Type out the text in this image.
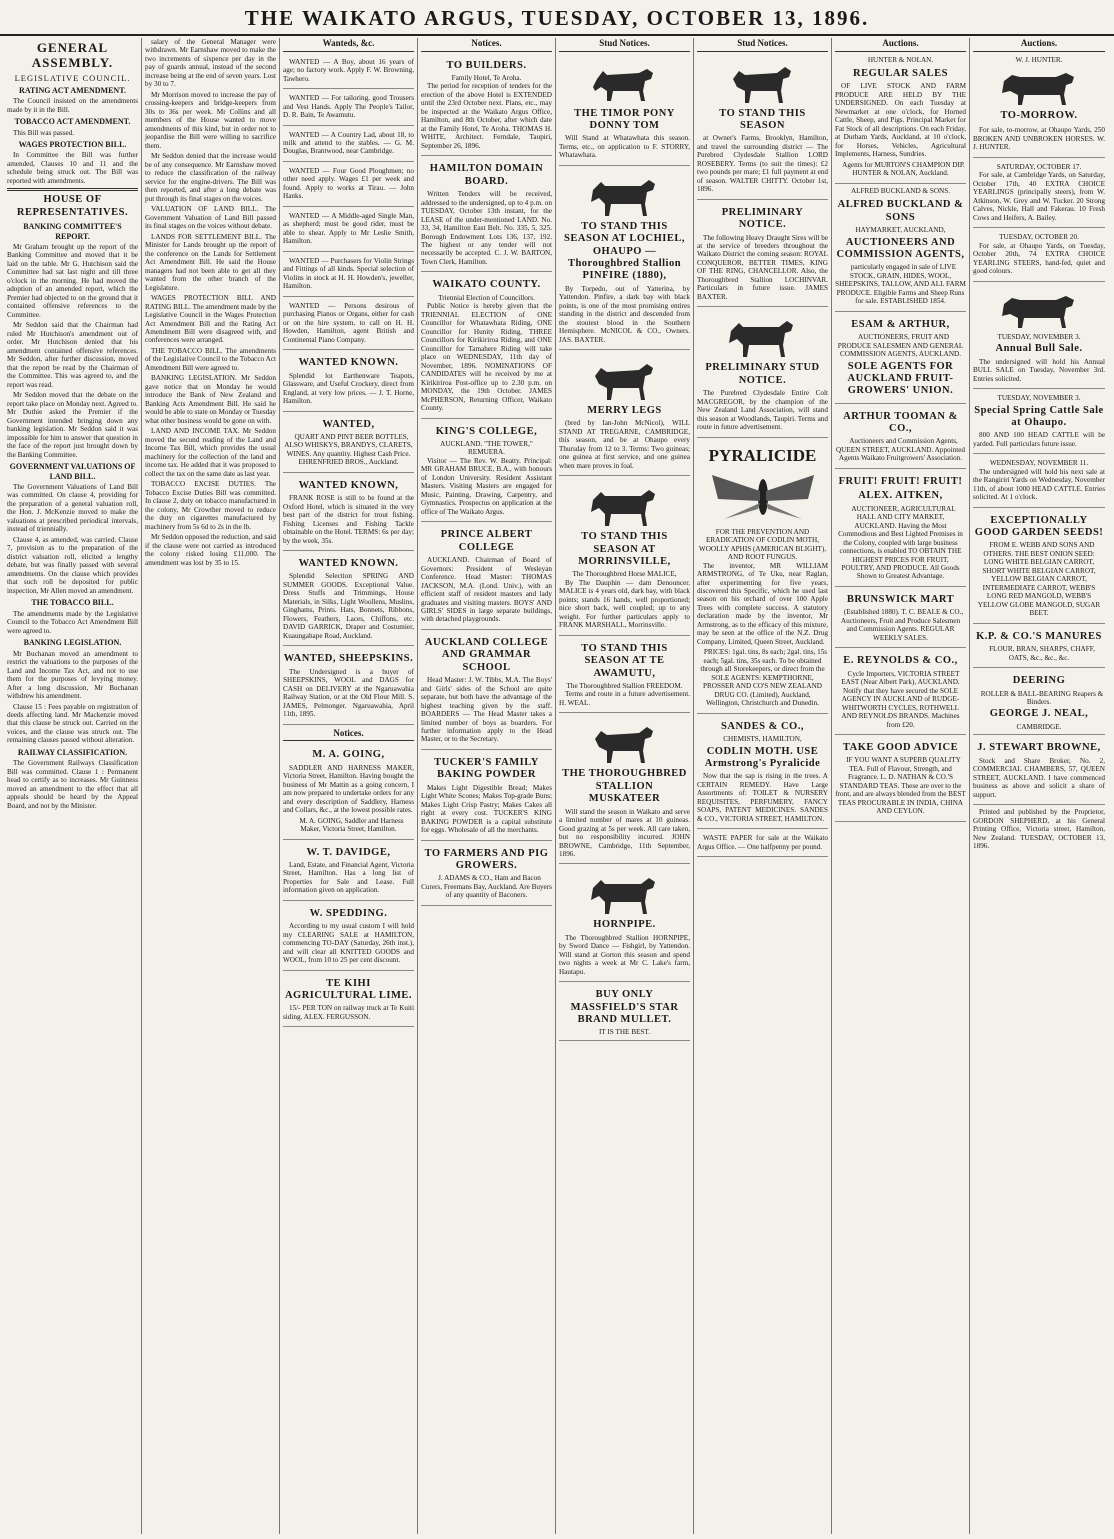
THE WAIKATO ARGUS, TUESDAY, OCTOBER 13, 1896.
GENERAL ASSEMBLY.
LEGISLATIVE COUNCIL.
RATING ACT AMENDMENT.

The Council insisted on the amendments made by it in the Bill.

TOBACCO ACT AMENDMENT.

This Bill was passed.

WAGES PROTECTION BILL.

In Committee the Bill was further amended, Clauses 10 and 11 and the schedule being struck out. The Bill was reported with amendments.

HOUSE OF REPRESENTATIVES.
BANKING COMMITTEE'S REPORT.

Mr Graham brought up the report of the Banking Committee and moved that it be laid on the table. Mr G. Hutchison said the Committee had sat last night and till three o'clock in the morning. He had moved the adoption of an amended report, which the Premier had objected to on the ground that it contained offensive references to the Committee.

Mr Seddon said that the Chairman had ruled Mr Hutchison's amendment out of order. Mr Hutchison denied that his amendment contained offensive references. Mr Seddon, after further discussion, moved that the report be read by the Chairman of the Committee. This was agreed to, and the report was read.

Mr Seddon moved that the debate on the report take place on Monday next. Agreed to. Mr Duthie asked the Premier if the Government intended bringing down any banking legislation. Mr Seddon said it was impossible for him to answer that question in the face of the report just brought down by the Banking Committee.

GOVERNMENT VALUATIONS OF LAND BILL.

The Government Valuations of Land Bill was committed. On clause 4, providing for the preparation of a general valuation roll, the Hon. J. McKenzie moved to make the valuations at prescribed periodical intervals, instead of triennially.

Clause 4, as amended, was carried. Clause 7, provision as to the preparation of the district valuation roll, elicited a lengthy debate, but was finally passed with several amendments. On the clause which provides that such roll be deposited for public inspection, Mr Allen moved an amendment.

THE TOBACCO BILL.

The amendments made by the Legislative Council to the Tobacco Act Amendment Bill were agreed to.

BANKING LEGISLATION.

Mr Buchanan moved an amendment to restrict the valuations to the purposes of the Land and Income Tax Act, and not to use them for the purposes of levying money. After a long discussion, Mr Buchanan withdrew his amendment.

Clause 15 : Fees payable on registration of deeds affecting land. Mr Mackenzie moved that this clause be struck out. Carried on the voices, and the clause was struck out. The remaining clauses passed without alteration.

RAILWAY CLASSIFICATION.

The Government Railways Classification Bill was committed. Clause 1 : Permanent head to certify as to increases. Mr Guinness moved an amendment to the effect that all appeals should be heard by the Appeal Board, and not by the Minister.

salary of the General Manager were withdrawn. Mr Earnshaw moved to make the two increments of sixpence per day in the pay of guards annual, instead of the second increase being at the end of seven years. Lost by 30 to 7.

Mr Morrison moved to increase the pay of crossing-keepers and bridge-keepers from 30s to 36s per week. Mr Collins and all members of the House wanted to move amendments of this kind, but in order not to jeopardise the Bill were willing to sacrifice them.

Mr Seddon denied that the increase would be of any consequence. Mr Earnshaw moved to reduce the classification of the railway service for the engine-drivers. The Bill was then reported, and after a long debate was put through its final stages on the voices.

VALUATION OF LAND BILL. The Government Valuation of Land Bill passed its final stages on the voices without debate.

LANDS FOR SETTLEMENT BILL. The Minister for Lands brought up the report of the conference on the Lands for Settlement Act Amendment Bill. He said the House managers had not been able to get all they wanted from the other branch of the Legislature.

WAGES PROTECTION BILL AND RATING BILL. The amendment made by the Legislative Council in the Wages Protection Act Amendment Bill and the Rating Act Amendment Bill were disagreed with, and conferences were arranged.

THE TOBACCO BILL. The amendments of the Legislative Council to the Tobacco Act Amendment Bill were agreed to.

BANKING LEGISLATION. Mr Seddon gave notice that on Monday he would introduce the Bank of New Zealand and Banking Acts Amendment Bill. He said he would be able to state on Monday or Tuesday what other business would be gone on with.

LAND AND INCOME TAX. Mr Seddon moved the second reading of the Land and Income Tax Bill, which provides the usual machinery for the collection of the land and income tax. He added that it was proposed to collect the tax on the same date as last year.

TOBACCO EXCISE DUTIES. The Tobacco Excise Duties Bill was committed. In clause 2, duty on tobacco manufactured in the colony, Mr Crowther moved to reduce the duty on cigarettes manufactured by machinery from 5s 6d to 2s in the lb.

Mr Seddon opposed the reduction, and said if the clause were not carried as introduced the colony risked losing £11,000. The amendment was lost by 35 to 15.

Wanteds, &c.

WANTED — A Boy, about 16 years of age; no factory work. Apply F. W. Browning, Tawhero.

WANTED — For tailoring, good Trousers and Vest Hands. Apply The People's Tailor, D. R. Bain, Te Awamutu.

WANTED — A Country Lad, about 18, to milk and attend to the stables. — G. M. Douglas, Brantwood, near Cambridge.

WANTED — Four Good Ploughmen; no other need apply. Wages £1 per week and found. Apply to works at Tirau. — John Hanks.

WANTED — A Middle-aged Single Man, as shepherd; must be good rider, must be able to shear. Apply to Mr Leslie Smith, Hamilton.

WANTED — Purchasers for Violin Strings and Fittings of all kinds. Special selection of Violins in stock at H. H. Howden's, jeweller, Hamilton.

WANTED — Persons desirous of purchasing Pianos or Organs, either for cash or on the hire system, to call on H. H. Howden, Hamilton, agent British and Continental Piano Company.

WANTED KNOWN.

Splendid lot Earthenware Teapots, Glassware, and Useful Crockery, direct from England, at very low prices. — J. T. Horne, Hamilton.

WANTED,

QUART AND PINT BEER BOTTLES, ALSO WHISKYS, BRANDYS, CLARETS, WINES. Any quantity. Highest Cash Price. EHRENFRIED BROS., Auckland.

WANTED KNOWN,

FRANK ROSE is still to be found at the Oxford Hotel, which is situated in the very best part of the district for trout fishing. Fishing Licenses and Fishing Tackle obtainable on the Hotel. TERMS: 6s per day; by the week, 35s.

WANTED KNOWN.

Splendid Selection SPRING AND SUMMER GOODS. Exceptional Value. Dress Stuffs and Trimmings, House Materials, in Silks, Light Woollens, Muslins, Ginghams, Prints. Hats, Bonnets, Ribbons, Flowers, Feathers, Laces, Chiffons, etc. DAVID GARRICK, Draper and Costumier, Kuaungahape Road, Auckland.

WANTED, SHEEPSKINS.

The Undersigned is a buyer of SHEEPSKINS, WOOL and DAGS for CASH on DELIVERY at the Ngaruawahia Railway Station, or at the Old Flour Mill. S. JAMES, Pelmonger. Ngaruawahia, April 11th, 1895.

Notices.
M. A. GOING,

SADDLER AND HARNESS MAKER, Victoria Street, Hamilton. Having bought the business of Mr Mattin as a going concern, I am now prepared to undertake orders for any and every description of Saddlery, Harness and Collars, &c., at the lowest possible rates.

M. A. GOING, Saddler and Harness Maker, Victoria Street, Hamilton.

W. T. DAVIDGE,

Land, Estate, and Financial Agent, Victoria Street, Hamilton. Has a long list of Properties for Sale and Lease. Full information given on application.

W. SPEDDING.

According to my usual custom I will hold my CLEARING SALE at HAMILTON, commencing TO-DAY (Saturday, 26th inst.), and will clear all KNITTED GOODS and WOOL, from 10 to 25 per cent discount.

TE KIHI AGRICULTURAL LIME.

15/- PER TON on railway truck at Te Kuiti siding. ALEX. FERGUSSON.

Notices.
TO BUILDERS.
Family Hotel, Te Aroha.

The period for reception of tenders for the erection of the above Hotel is EXTENDED until the 23rd October next. Plans, etc., may be inspected at the Waikato Argus Office, Hamilton, and 8th October, after which date at the Family Hotel, Te Aroha. THOMAS H. WHITE, Architect. Ferndale, Taupiri, September 26, 1896.

HAMILTON DOMAIN BOARD.

Written Tenders will be received, addressed to the undersigned, up to 4 p.m. on TUESDAY, October 13th instant, for the LEASE of the under-mentioned LAND. No. 33, 34, Hamilton East Belt. No. 335, 5, 325. Borough Endowment Lots 136, 137, 192. The highest or any tender will not necessarily be accepted. C. J. W. BARTON, Town Clerk, Hamilton.

WAIKATO COUNTY.
Triennial Election of Councillors.

Public Notice is hereby given that the TRIENNIAL ELECTION of ONE Councillor for Whatawhata Riding, ONE Councillor for Hunity Riding, THREE Councillors for Kirikiriroa Riding, and ONE Councillor for Tamahere Riding will take place on WEDNESDAY, 11th day of November, 1896. NOMINATIONS OF CANDIDATES will be received by me at Kirikiriroa Post-office up to 2.30 p.m. on MONDAY, the 19th October. JAMES McPHERSON, Returning Officer, Waikato County.

KING'S COLLEGE,
AUCKLAND. "THE TOWER," REMUERA.

Visitor — The Rev. W. Beatty. Principal: MR GRAHAM BRUCE, B.A., with honours of London University. Resident Assistant Masters. Visiting Masters are engaged for Music, Painting, Drawing, Carpentry, and Gymnastics. Prospectus on application at the office of The Waikato Argus.

PRINCE ALBERT COLLEGE

AUCKLAND. Chairman of Board of Governors: President of Wesleyan Conference. Head Master: THOMAS JACKSON, M.A. (Lond. Univ.), with an efficient staff of resident masters and lady graduates and visiting masters. BOYS' AND GIRLS' SIDES in large separate buildings, with detached playgrounds.

AUCKLAND COLLEGE AND GRAMMAR SCHOOL

Head Master: J. W. Tibbs, M.A. The Boys' and Girls' sides of the School are quite separate, but both have the advantage of the highest teaching given by the staff. BOARDERS — The Head Master takes a limited number of boys as boarders. For further information apply to the Head Master, or to the Secretary.

TUCKER'S FAMILY BAKING POWDER

Makes Light Digestible Bread; Makes Light White Scones; Makes Top-grade Buns; Makes Light Crisp Pastry; Makes Cakes all right at every cost. TUCKER'S KING BAKING POWDER is a capital substitute for eggs. Wholesale of all the merchants.

TO FARMERS AND PIG GROWERS.

J. ADAMS & CO., Ham and Bacon Curers, Freemans Bay, Auckland. Are Buyers of any quantity of Baconers.

Stud Notices.
THE TIMOR PONY DONNY TOM

Will Stand at Whatawhata this season. Terms, etc., on application to F. STORRY, Whatawhata.

TO STAND THIS SEASON AT LOCHIEL, OHAUPO — Thoroughbred Stallion PINFIRE (1880),

By Torpedo, out of Yatterina, by Yattendon. Pinfire, a dark bay with black points, is one of the most promising entires standing in the district and descended from the stoutest blood in the Southern Hemisphere. McNICOL & CO., Owners. JAS. BAXTER.

MERRY LEGS

(bred by Ian-John McNicol), WILL STAND AT TREGARNE, CAMBRIDGE, this season, and be at Ohaupo every Thursday from 12 to 3. Terms: Two guineas; one guinea at first service, and one guinea when mare proves in foal.

TO STAND THIS SEASON AT MORRINSVILLE,
The Thoroughbred Horse MALICE,

By The Dauphin — dam Denouncer. MALICE is 4 years old, dark bay, with black points; stands 16 hands, well proportioned; nice short back, well coupled; up to any weight. For further particulars apply to FRANK MARSHALL, Morrinsville.

TO STAND THIS SEASON AT TE AWAMUTU,
The Thoroughbred Stallion FREEDOM.

Terms and route in a future advertisement. H. WEAL.

THE THOROUGHBRED STALLION MUSKATEER

Will stand the season in Waikato and serve a limited number of mares at 10 guineas. Good grazing at 5s per week. All care taken, but no responsibility incurred. JOHN BROWNE, Cambridge, 11th September, 1896.

HORNPIPE.

The Thoroughbred Stallion HORNPIPE, by Sword Dance — Fishgirl, by Yattendon. Will stand at Gorton this season and spend two nights a week at Mr C. Lake's farm, Hautapu.

BUY ONLY MASSFIELD'S STAR BRAND MULLET.
IT IS THE BEST.
Stud Notices.
TO STAND THIS SEASON

at Owner's Farms, Brooklyn, Hamilton, and travel the surrounding district — The Purebred Clydesdale Stallion LORD ROSEBERY. Terms (to suit the times): £2 two pounds per mare; £1 full payment at end of season. WALTER CHITTY. October 1st, 1896.

PRELIMINARY NOTICE.

The following Heavy Draught Sires will be at the service of breeders throughout the Waikato District the coming season: ROYAL CONQUEROR, BETTER TIMES, KING OF THE RING, CHANCELLOR. Also, the Thoroughbred Stallion LOCHINVAR. Particulars in future issue. JAMES BAXTER.

PRELIMINARY STUD NOTICE.

The Purebred Clydesdale Entire Colt MACGREGOR, by the champion of the New Zealand Land Association, will stand this season at Woodlands, Taupiri. Terms and route in future advertisement.

PYRALICIDE
FOR THE PREVENTION AND ERADICATION OF CODLIN MOTH, WOOLLY APHIS (AMERICAN BLIGHT), AND ROOT FUNGUS.

The inventor, MR WILLIAM ARMSTRONG, of Te Uku, near Raglan, after experimenting for five years, discovered this Specific, which he used last season on his orchard of over 100 Apple Trees with complete success. A statutory declaration made by the inventor, Mr Armstrong, as to the efficacy of this mixture, may be seen at the office of the N.Z. Drug Company, Limited, Queen Street, Auckland.

PRICES: 1gal. tins, 8s each; 2gal. tins, 15s each; 5gal. tins, 35s each. To be obtained through all Storekeepers, or direct from the SOLE AGENTS: KEMPTHORNE, PROSSER AND CO'S NEW ZEALAND DRUG CO. (Limited), Auckland, Wellington, Christchurch and Dunedin.

SANDES & CO.,
CHEMISTS, HAMILTON,
CODLIN MOTH. USE Armstrong's Pyralicide

Now that the sap is rising in the trees. A CERTAIN REMEDY. Have Large Assortments of: TOILET & NURSERY REQUISITES, PERFUMERY, FANCY SOAPS, PATENT MEDICINES. SANDES & CO., VICTORIA STREET, HAMILTON.

WASTE PAPER for sale at the Waikato Argus Office. — One halfpenny per pound.

Auctions.
HUNTER & NOLAN.
REGULAR SALES

OF LIVE STOCK AND FARM PRODUCE ARE HELD BY THE UNDERSIGNED. On each Tuesday at Newmarket at one o'clock, for Horned Cattle, Sheep, and Pigs. Principal Market for Fat Stock of all descriptions. On each Friday, at Durham Yards, Auckland, at 10 o'clock, for Horses, Vehicles, Agricultural Implements, Harness, Sundries.

Agents for MURTON'S CHAMPION DIP. HUNTER & NOLAN, Auckland.

ALFRED BUCKLAND & SONS.
ALFRED BUCKLAND & SONS
HAYMARKET, AUCKLAND,
AUCTIONEERS AND COMMISSION AGENTS,

particularly engaged in sale of LIVE STOCK, GRAIN, HIDES, WOOL, SHEEPSKINS, TALLOW, AND ALL FARM PRODUCE. Eligible Farms and Sheep Runs for sale. ESTABLISHED 1854.

ESAM & ARTHUR,

AUCTIONEERS, FRUIT AND PRODUCE SALESMEN AND GENERAL COMMISSION AGENTS, AUCKLAND.

SOLE AGENTS FOR AUCKLAND FRUIT-GROWERS' UNION.
ARTHUR TOOMAN & CO.,

Auctioneers and Commission Agents, QUEEN STREET, AUCKLAND. Appointed Agents Waikato Fruitgrowers' Association.

FRUIT! FRUIT! FRUIT!
ALEX. AITKEN,

AUCTIONEER, AGRICULTURAL HALL AND CITY MARKET, AUCKLAND. Having the Most Commodious and Best Lighted Premises in the Colony, coupled with large business connections, is enabled TO OBTAIN THE HIGHEST PRICES FOR FRUIT, POULTRY, AND PRODUCE. All Goods Shown to Greatest Advantage.

BRUNSWICK MART

(Established 1880). T. C. BEALE & CO., Auctioneers, Fruit and Produce Salesmen and Commission Agents. REGULAR WEEKLY SALES.

E. REYNOLDS & CO.,

Cycle Importers, VICTORIA STREET EAST (Near Albert Park), AUCKLAND. Notify that they have secured the SOLE AGENCY IN AUCKLAND of RUDGE-WHITWORTH CYCLES, ROTHWELL AND REYNOLDS BRANDS. Machines from £20.

TAKE GOOD ADVICE

IF YOU WANT A SUPERB QUALITY TEA. Full of Flavour, Strength, and Fragrance. L. D. NATHAN & CO.'S STANDARD TEAS. These are over to the front, and are always blended from the BEST TEAS PROCURABLE IN INDIA, CHINA AND CEYLON.

Auctions.
W. J. HUNTER.
TO-MORROW.

For sale, to-morrow, at Ohaupo Yards, 250 BROKEN AND UNBROKEN HORSES. W. J. HUNTER.

SATURDAY, OCTOBER 17.

For sale, at Cambridge Yards, on Saturday, October 17th, 40 EXTRA CHOICE YEARLINGS (principally steers), from W. Atkinson, W. Grey and W. Tucker. 20 Strong Calves, Nickle, Hall and Fakerau. 10 Fresh Cows and Heifers, A. Bailey.

TUESDAY, OCTOBER 20.

For sale, at Ohaupo Yards, on Tuesday, October 20th, 74 EXTRA CHOICE YEARLING STEERS, hand-fed, quiet and good colours.

TUESDAY, NOVEMBER 3.
Annual Bull Sale.

The undersigned will hold his Annual BULL SALE on Tuesday, November 3rd. Entries solicited.

TUESDAY, NOVEMBER 3.
Special Spring Cattle Sale at Ohaupo.

800 AND 100 HEAD CATTLE will be yarded. Full particulars future issue.

WEDNESDAY, NOVEMBER 11.

The undersigned will hold his next sale at the Rangiriri Yards on Wednesday, November 11th, of about 1000 HEAD CATTLE. Entries solicited. At 1 o'clock.

EXCEPTIONALLY GOOD GARDEN SEEDS!

FROM E. WEBB AND SONS AND OTHERS. THE BEST ONION SEED: LONG WHITE BELGIAN CARROT, SHORT WHITE BELGIAN CARROT, YELLOW BELGIAN CARROT, INTERMEDIATE CARROT, WEBB'S LONG RED MANGOLD, WEBB'S YELLOW GLOBE MANGOLD, SUGAR BEET.

K.P. & CO.'S MANURES

FLOUR, BRAN, SHARPS, CHAFF, OATS, &c., &c., &c.

DEERING

ROLLER & BALL-BEARING Reapers & Binders.

GEORGE J. NEAL,
CAMBRIDGE.
J. STEWART BROWNE,

Stock and Share Broker, No. 2, COMMERCIAL CHAMBERS, 57, QUEEN STREET, AUCKLAND. I have commenced business as above and solicit a share of support.

Printed and published by the Proprietor, GORDON SHEPHERD, at his General Printing Office, Victoria street, Hamilton, New Zealand. TUESDAY, OCTOBER 13, 1896.
